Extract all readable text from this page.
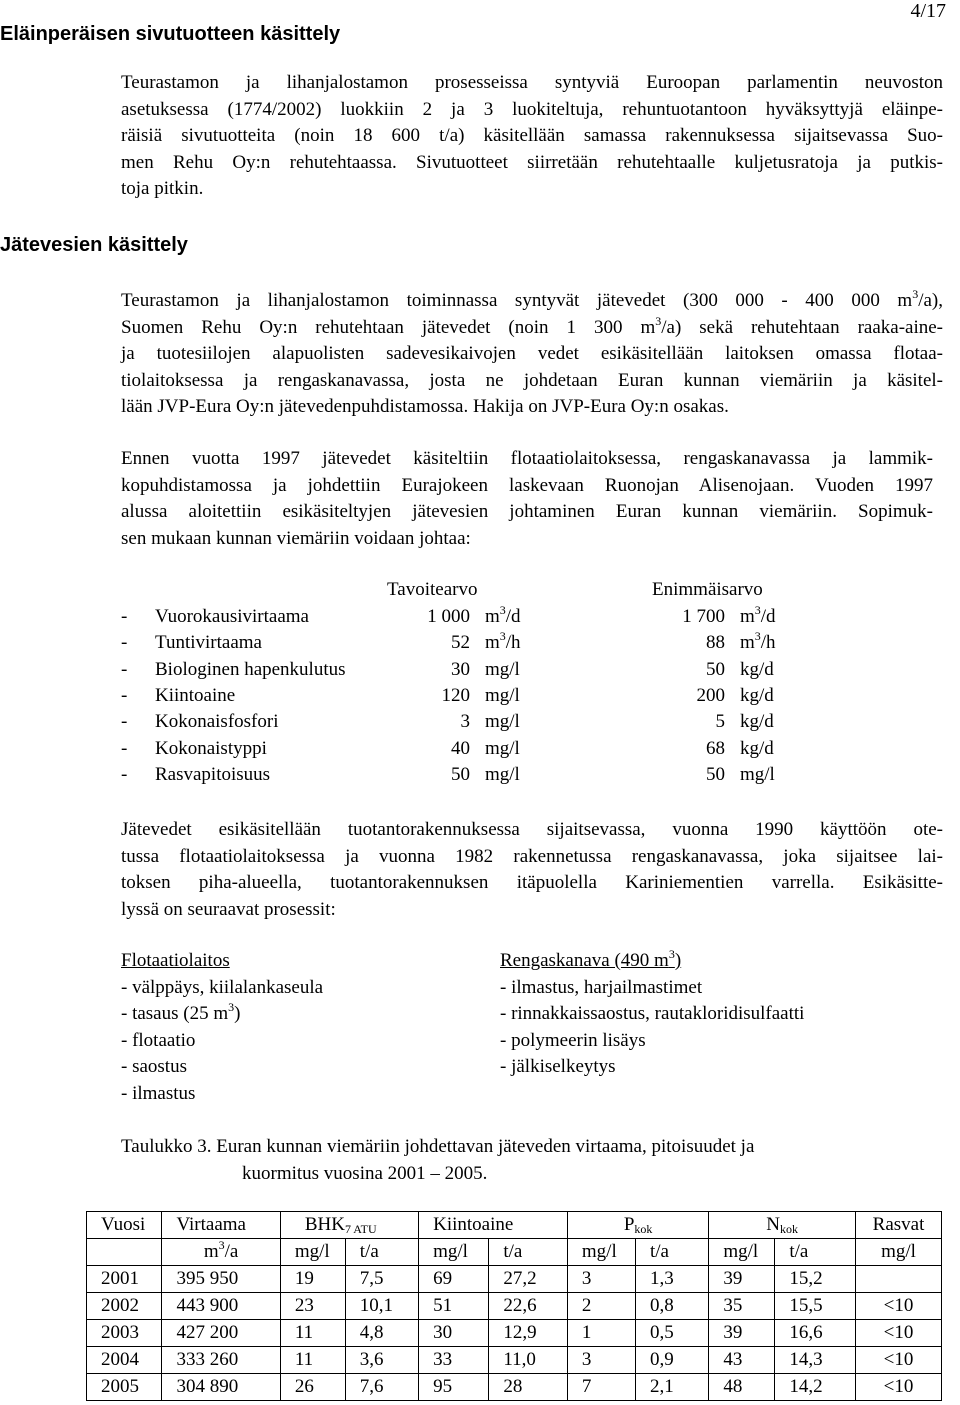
Eläinperäisen sivutuotteen käsittely
4/17

Teurastamon ja lihanjalostamon prosesseissa syntyviä Euroopan parlamentin neuvoston
asetuksessa (1774/2002) luokkiin 2 ja 3 luokiteltuja, rehuntuotantoon hyväksyttyjä eläinpe-
räisiä sivutuotteita (noin 18 600 t/a) käsitellään samassa rakennuksessa sijaitsevassa Suo-
men Rehu Oy:n rehutehtaassa. Sivutuotteet siirretään rehutehtaalle kuljetusratoja ja putkis-
toja pitkin.

Jätevesien käsittely

Teurastamon ja lihanjalostamon toiminnassa syntyvät jätevedet (300 000 - 400 000 $m^3/a$),
Suomen Rehu Oy:n rehutehtaan jätevedet (noin 1 300 $m^3/a$) sekä rehutehtaan raaka-aine-
ja tuotesiilojen alapuolisten sadevesikaivojen vedet esikäsitellään laitoksen omassa flotaa-
tiolaitoksessa ja rengaskanavassa, josta ne johdetaan Euran kunnan viemäriin ja käsitel-
lään JVP-Eura Oy:n jätevedenpuhdistamossa. Hakija on JVP-Eura Oy:n osakas.

Ennen vuotta 1997 jätevedet käsiteltiin flotaatiolaitoksessa, rengaskanavassa ja lammik-
kopuhdistamossa ja johdettiin Eurajokeen laskevaan Ruonojan Alisenojaan. Vuoden 1997
alussa aloitettiin esikäsiteltyjen jätevesien johtaminen Euran kunnan viemäriin. Sopimuk-
sen mukaan kunnan viemäriin voidaan johtaa:

Tavoitearvo	Enimmäisarvo
-	Vuorokausivirtaama	1 000		$m^3/d$	1 700		$m^3/d$
-	Tuntivirtaama	52		$m^3/h$	88		$m^3/h$
-	Biologinen hapenkulutus	30		mg/l	50		kg/d
-	Kiintoaine	120		mg/l	200		kg/d
-	Kokonaisfosfori	3		mg/l	5		kg/d
-	Kokonaistyppi	40		mg/l	68		kg/d
-	Rasvapitoisuus	50		mg/l	50		mg/l

Jätevedet esikäsitellään tuotantorakennuksessa sijaitsevassa, vuonna 1990 käyttöön ote-
tussa flotaatiolaitoksessa ja vuonna 1982 rakennetussa rengaskanavassa, joka sijaitsee lai-
toksen piha-alueella, tuotantorakennuksen itäpuolella Kariniementien varrella. Esikäsitte-
lyssä on seuraavat prosessit:

Flotaatiolaitos
- välppäys, kiilalankaseula
- tasaus (25 $m^3$)
- flotaatio
- saostus
- ilmastus
Rengaskanava (490 $m^3$)
- ilmastus, harjailmastimet
- rinnakkaissaostus, rautakloridisulfaatti
- polymeerin lisäys
- jälkiselkeytys
Taulukko 3. Euran kunnan viemäriin johdettavan jäteveden virtaama, pitoisuudet ja
kuormitus vuosina 2001 – 2005.
Vuosi	Virtaama	$BHK_{7 ATU}$		Kiintoaine		$P_{kok}$		$N_{kok}$		Rasvat
	$m^3/a$	mg/l	t/a	mg/l	t/a	mg/l	t/a	mg/l	t/a	mg/l
2001	395 950	19	7,5	69	27,2	3	1,3	39	15,2	
2002	443 900	23	10,1	51	22,6	2	0,8	35	15,5	<10
2003	427 200	11	4,8	30	12,9	1	0,5	39	16,6	<10
2004	333 260	11	3,6	33	11,0	3	0,9	43	14,3	<10
2005	304 890	26	7,6	95	28	7	2,1	48	14,2	<10
